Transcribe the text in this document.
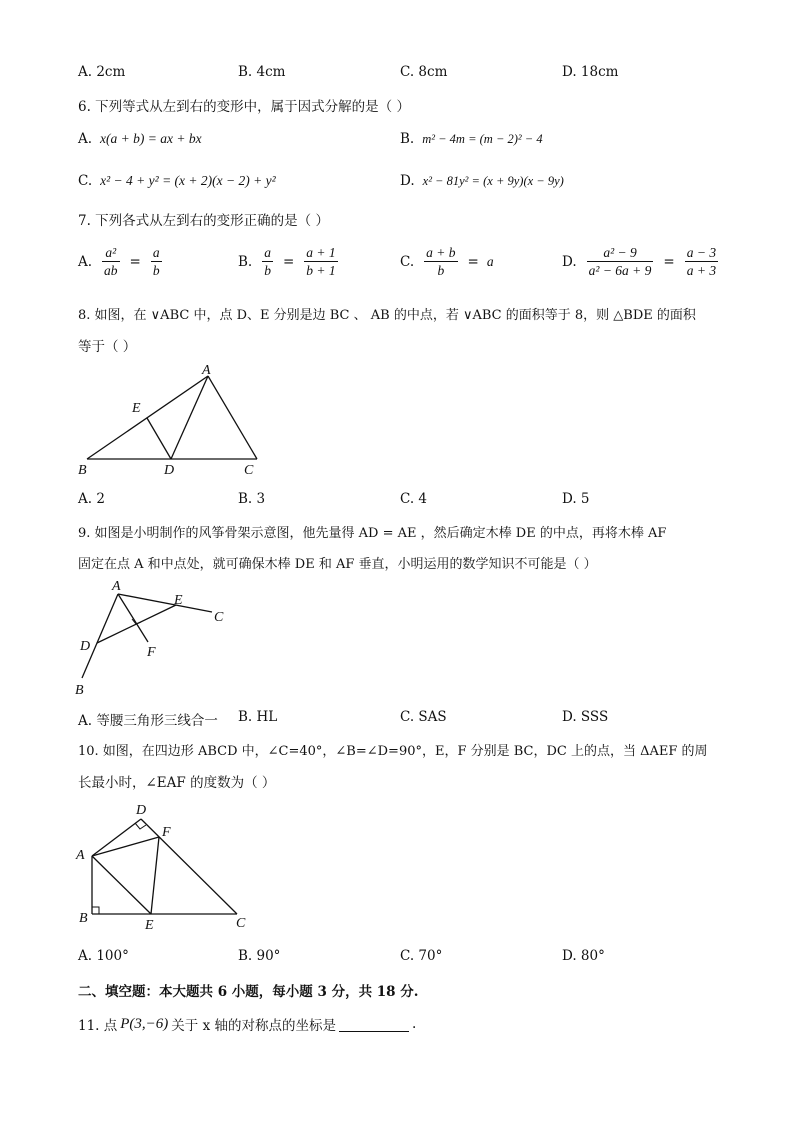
A. 2cm	B. 4cm	C. 8cm	D. 18cm
6. 下列等式从左到右的变形中，属于因式分解的是（ ）
A. x(a + b) = ax + bx	B. m² − 4m = (m − 2)² − 4
C. x² − 4 + y² = (x + 2)(x − 2) + y²	D. x² − 81y² = (x + 9y)(x − 9y)
7. 下列各式从左到右的变形正确的是（ ）
A. $\frac{\text{a²}}{ab} = \frac{a}{b}$	B. $\frac{a}{b} = \frac{a + 1}{b + 1}$	C. $\frac{a + b}{b} = a$	D. $\frac{\text{a² − 9}}{\text{a² − 6a + 9}} = \frac{a - 3}{a + 3}$
8. 如图，在 ∨ABC 中，点 D、E 分别是边 BC 、 AB 的中点，若 ∨ABC 的面积等于 8，则 △BDE 的面积
等于（ ）
A
B	C
D
E
A. 2	B. 3	C. 4	D. 5
9. 如图是小明制作的风筝骨架示意图，他先量得 AD = AE ，然后确定木棒 DE 的中点，再将木棒 AF
固定在点 A 和中点处，就可确保木棒 DE 和 AF 垂直，小明运用的数学知识不可能是（ ）
A
E
C
D	F
B
A. 等腰三角形三线合一 B. HL	C. SAS	D. SSS
10. 如图，在四边形 ABCD 中，∠C=40°，∠B=∠D=90°，E，F 分别是 BC，DC 上的点，当 ΔAEF 的周
长最小时，∠EAF 的度数为（ ）
D
F
A
B	E	C
A. 100°	B. 90°	C. 70°	D. 80°
二、填空题：本大题共 6 小题，每小题 3 分，共 18 分.
11. 点 P(3,−6) 关于 x 轴的对称点的坐标是	.
